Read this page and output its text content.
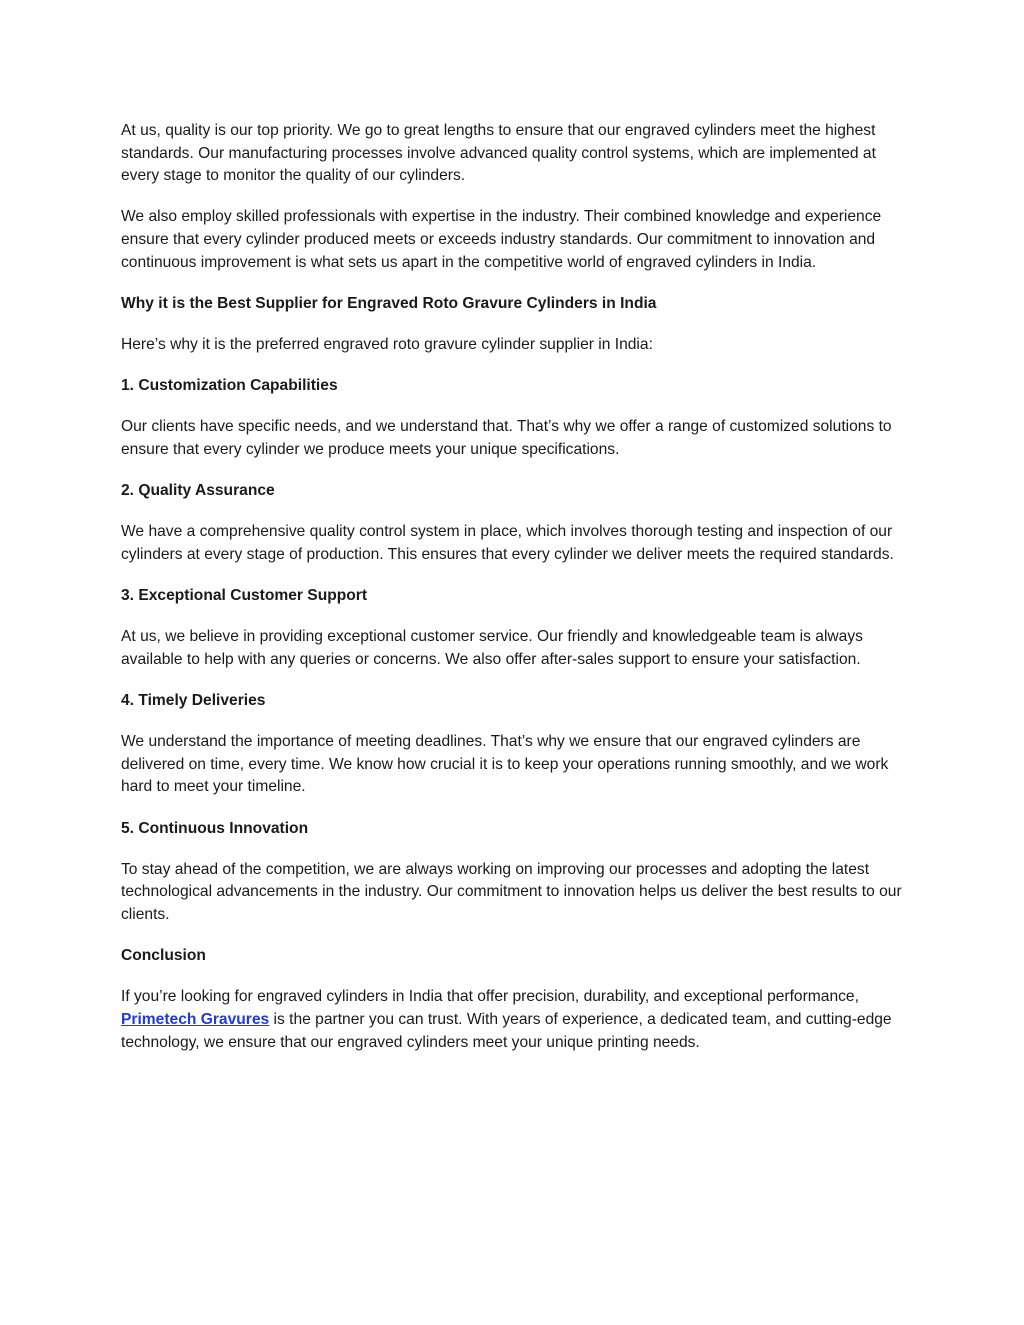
At us, quality is our top priority. We go to great lengths to ensure that our engraved cylinders meet the highest standards. Our manufacturing processes involve advanced quality control systems, which are implemented at every stage to monitor the quality of our cylinders.

We also employ skilled professionals with expertise in the industry. Their combined knowledge and experience ensure that every cylinder produced meets or exceeds industry standards. Our commitment to innovation and continuous improvement is what sets us apart in the competitive world of engraved cylinders in India.

Why it is the Best Supplier for Engraved Roto Gravure Cylinders in India

Here’s why it is the preferred engraved roto gravure cylinder supplier in India:

1. Customization Capabilities

Our clients have specific needs, and we understand that. That’s why we offer a range of customized solutions to ensure that every cylinder we produce meets your unique specifications.

2. Quality Assurance

We have a comprehensive quality control system in place, which involves thorough testing and inspection of our cylinders at every stage of production. This ensures that every cylinder we deliver meets the required standards.

3. Exceptional Customer Support

At us, we believe in providing exceptional customer service. Our friendly and knowledgeable team is always available to help with any queries or concerns. We also offer after-sales support to ensure your satisfaction.

4. Timely Deliveries

We understand the importance of meeting deadlines. That’s why we ensure that our engraved cylinders are delivered on time, every time. We know how crucial it is to keep your operations running smoothly, and we work hard to meet your timeline.

5. Continuous Innovation

To stay ahead of the competition, we are always working on improving our processes and adopting the latest technological advancements in the industry. Our commitment to innovation helps us deliver the best results to our clients.

Conclusion

If you’re looking for engraved cylinders in India that offer precision, durability, and exceptional performance, Primetech Gravures is the partner you can trust. With years of experience, a dedicated team, and cutting-edge technology, we ensure that our engraved cylinders meet your unique printing needs.
